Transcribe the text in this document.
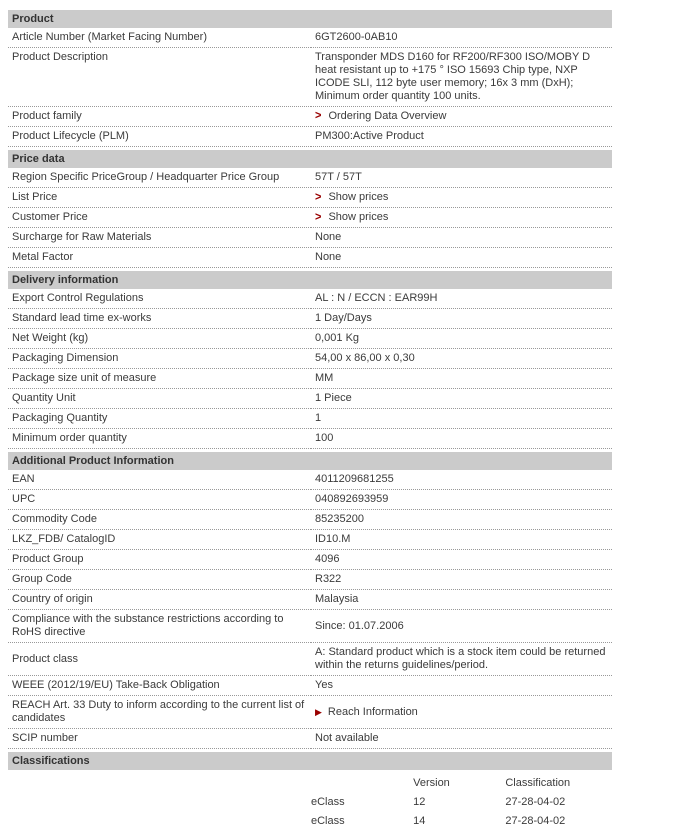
Product
Article Number (Market Facing Number)	6GT2600-0AB10
Product Description	Transponder MDS D160 for RF200/RF300 ISO/MOBY D heat resistant up to +175 ° ISO 15693 Chip type, NXP ICODE SLI, 112 byte user memory; 16x 3 mm (DxH); Minimum order quantity 100 units.
Product family	> Ordering Data Overview
Product Lifecycle (PLM)	PM300:Active Product
Price data
Region Specific PriceGroup / Headquarter Price Group	57T / 57T
List Price	> Show prices
Customer Price	> Show prices
Surcharge for Raw Materials	None
Metal Factor	None
Delivery information
Export Control Regulations	AL : N / ECCN : EAR99H
Standard lead time ex-works	1 Day/Days
Net Weight (kg)	0,001 Kg
Packaging Dimension	54,00 x 86,00 x 0,30
Package size unit of measure	MM
Quantity Unit	1 Piece
Packaging Quantity	1
Minimum order quantity	100
Additional Product Information
EAN	4011209681255
UPC	040892693959
Commodity Code	85235200
LKZ_FDB/ CatalogID	ID10.M
Product Group	4096
Group Code	R322
Country of origin	Malaysia
Compliance with the substance restrictions according to RoHS directive	Since: 01.07.2006
Product class	A: Standard product which is a stock item could be returned within the returns guidelines/period.
WEEE (2012/19/EU) Take-Back Obligation	Yes
REACH Art. 33 Duty to inform according to the current list of candidates	▶ Reach Information
SCIP number	Not available
Classifications
	Version	Classification
eClass	12	27-28-04-02
eClass	14	27-28-04-02
